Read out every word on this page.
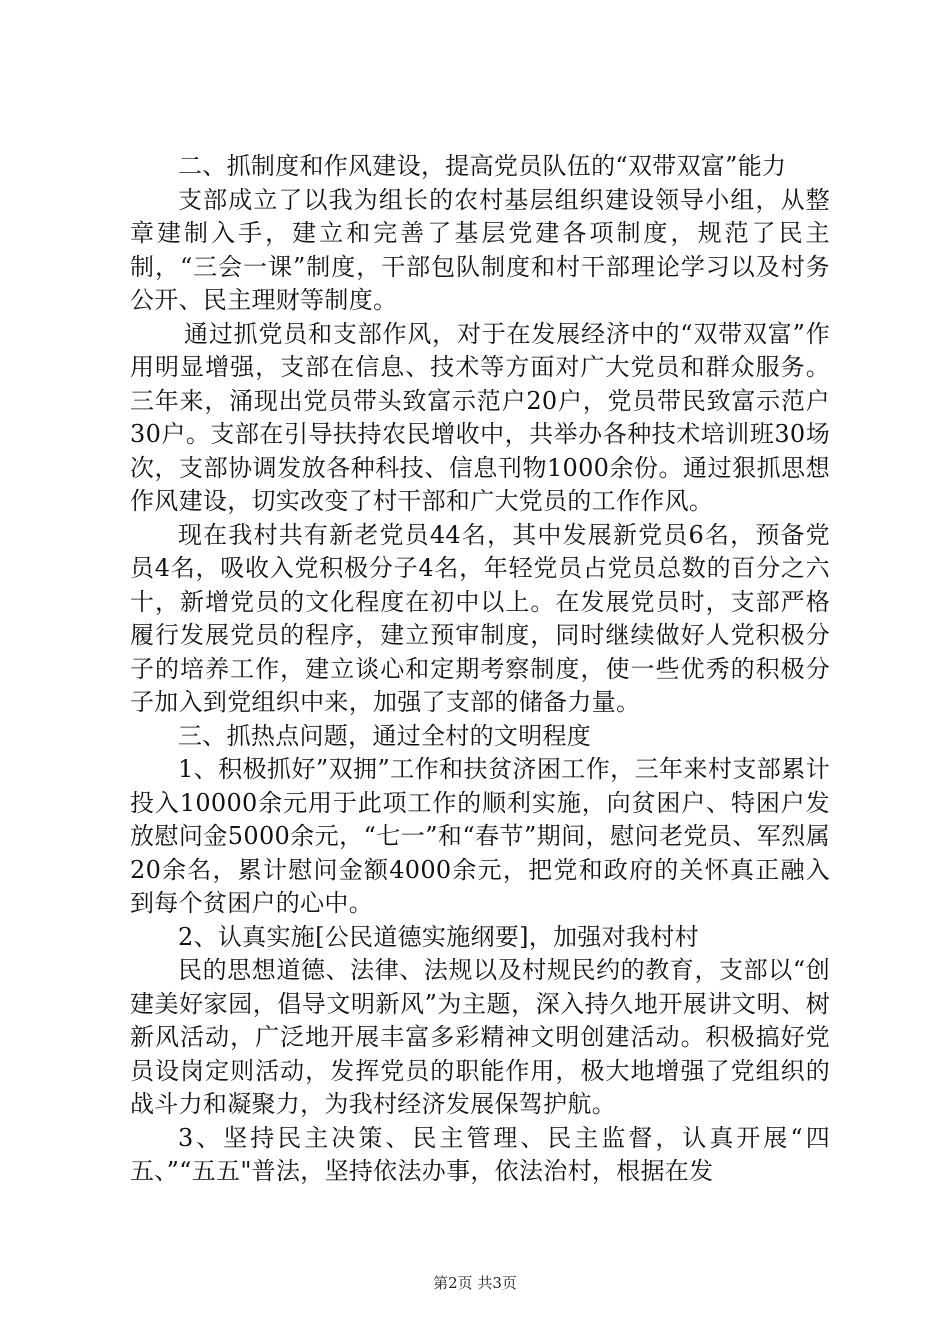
二、抓制度和作风建设，提高党员队伍的“双带双富”能力

支部成立了以我为组长的农村基层组织建设领导小组，从整章建制入手，建立和完善了基层党建各项制度，规范了民主制，“三会一课”制度，干部包队制度和村干部理论学习以及村务公开、民主理财等制度。

通过抓党员和支部作风，对于在发展经济中的“双带双富”作用明显增强，支部在信息、技术等方面对广大党员和群众服务。三年来，涌现出党员带头致富示范户20户，党员带民致富示范户30户。支部在引导扶持农民增收中，共举办各种技术培训班30场次，支部协调发放各种科技、信息刊物1000余份。通过狠抓思想作风建设，切实改变了村干部和广大党员的工作作风。

现在我村共有新老党员44名，其中发展新党员6名，预备党员4名，吸收入党积极分子4名，年轻党员占党员总数的百分之六十，新增党员的文化程度在初中以上。在发展党员时，支部严格履行发展党员的程序，建立预审制度，同时继续做好人党积极分子的培养工作，建立谈心和定期考察制度，使一些优秀的积极分子加入到党组织中来，加强了支部的储备力量。

三、抓热点问题，通过全村的文明程度

1、积极抓好”双拥”工作和扶贫济困工作，三年来村支部累计投入10000余元用于此项工作的顺利实施，向贫困户、特困户发放慰问金5000余元，“七一”和“春节”期间，慰问老党员、军烈属20余名，累计慰问金额4000余元，把党和政府的关怀真正融入到每个贫困户的心中。

2、认真实施[公民道德实施纲要]，加强对我村村

民的思想道德、法律、法规以及村规民约的教育，支部以“创建美好家园，倡导文明新风”为主题，深入持久地开展讲文明、树新风活动，广泛地开展丰富多彩精神文明创建活动。积极搞好党员设岗定则活动，发挥党员的职能作用，极大地增强了党组织的战斗力和凝聚力，为我村经济发展保驾护航。

3、坚持民主决策、民主管理、民主监督，认真开展“四五、”“五五"普法，坚持依法办事，依法治村，根据在发

第2页 共3页
